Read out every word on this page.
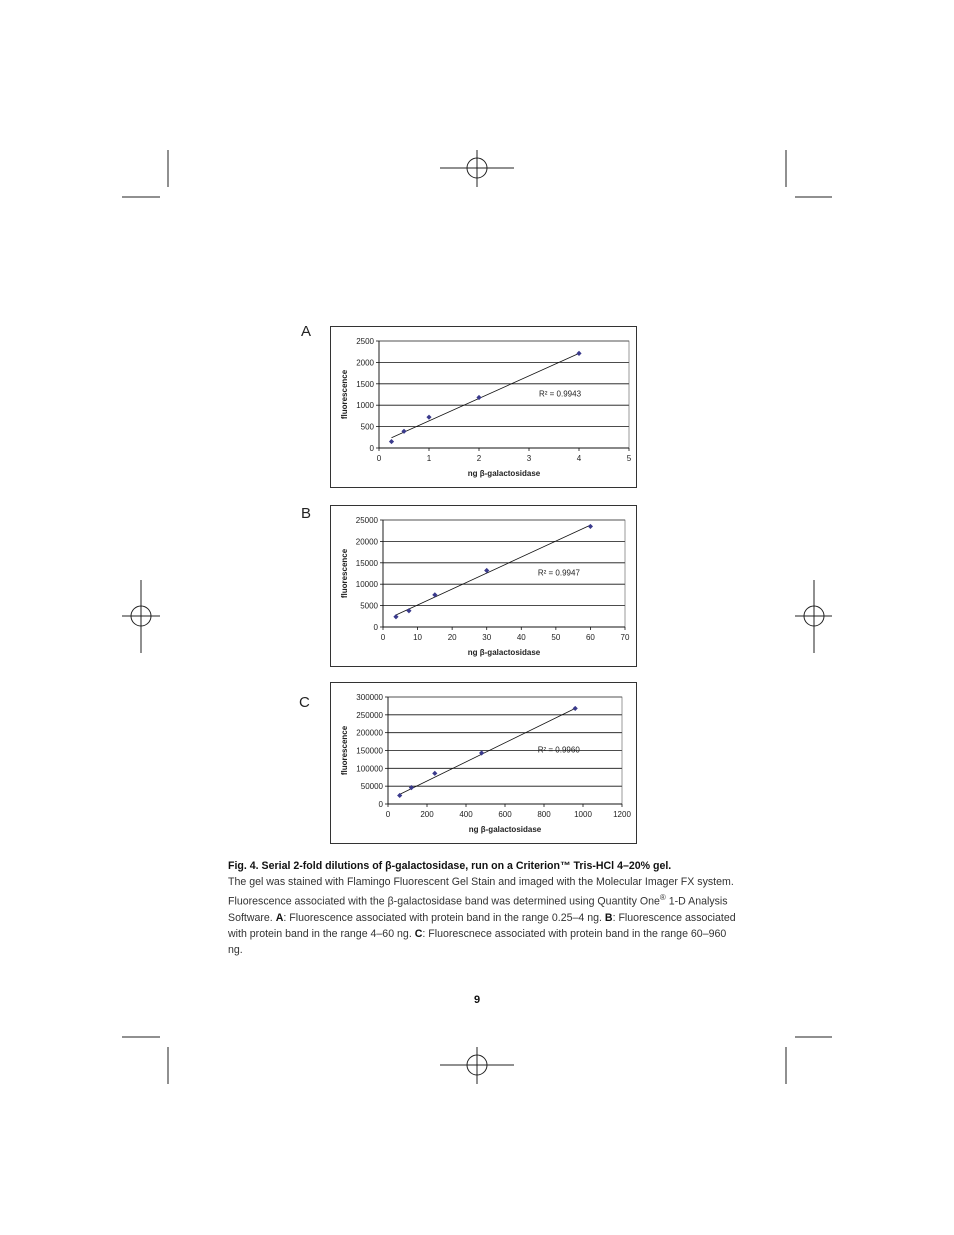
A
B
C
0
500
1000
1500
2000
2500
0	1	2	3	4	5
ng β-galactosidase
fluorescence	R² = 0.9943
0
5000
10000
15000
20000
25000
0	10	20	30	40	50	60	70
ng β-galactosidase
fluorescence	R² = 0.9947
0
50000
100000
150000
200000
250000
300000
0	200	400	600	800	1000	1200
ng β-galactosidase
fluorescence	R² = 0.9960
Fig. 4. Serial 2-fold dilutions of β-galactosidase, run on a Criterion™ Tris-HCl 4–20% gel.
The gel was stained with Flamingo Fluorescent Gel Stain and imaged with the Molecular Imager FX system. Fluorescence associated with the β-galactosidase band was determined using Quantity One® 1-D Analysis Software. A: Fluorescence associated with protein band in the range 0.25–4 ng. B: Fluorescence associated with protein band in the range 4–60 ng. C: Fluorescnece associated with protein band in the range 60–960 ng.
9
